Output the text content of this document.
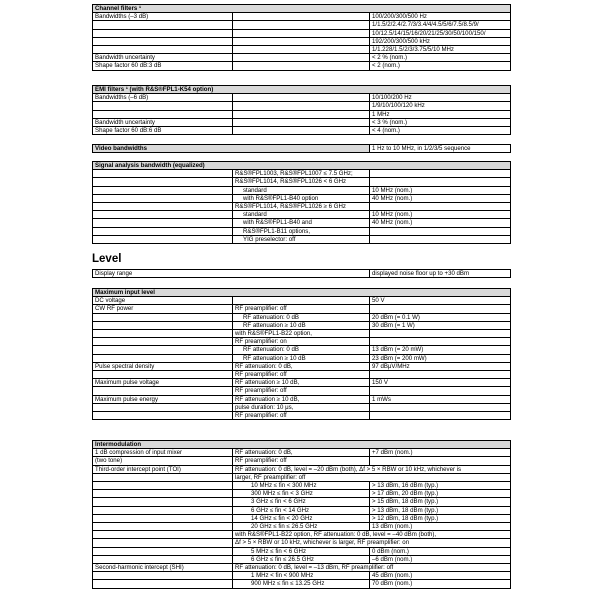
Channel filters ¹		
Bandwidths (–3 dB)		100/200/300/500 Hz
		1/1.5/2/2.4/2.7/3/3.4/4/4.5/5/6/7.5/8.5/9/
		10/12.5/14/15/16/20/21/25/30/50/100/150/
		192/200/300/500 kHz
		1/1.228/1.5/2/3/3.75/5/10 MHz
Bandwidth uncertainty		< 2 % (nom.)
Shape factor 60 dB:3 dB		< 2 (nom.)
EMI filters ¹ (with R&S®FPL1-K54 option)		
Bandwidths (–6 dB)		10/100/200 Hz
		1/9/10/100/120 kHz
		1 MHz
Bandwidth uncertainty		< 3 % (nom.)
Shape factor 60 dB:6 dB		< 4 (nom.)
Video bandwidths	1 Hz to 10 MHz, in 1/2/3/5 sequence
Signal analysis bandwidth (equalized)		
	R&S®FPL1003, R&S®FPL1007 ≤ 7.5 GHz;	
	R&S®FPL1014, R&S®FPL1026 < 6 GHz	
	standard	10 MHz (nom.)
	with R&S®FPL1-B40 option	40 MHz (nom.)
	R&S®FPL1014, R&S®FPL1026 ≥ 6 GHz	
	standard	10 MHz (nom.)
	with R&S®FPL1-B40 and	40 MHz (nom.)
	R&S®FPL1-B11 options,	
	YIG preselector: off	
Level
Display range	displayed noise floor up to +30 dBm
Maximum input level		
DC voltage		50 V
CW RF power	RF preamplifier: off	
	RF attenuation: 0 dB	20 dBm (= 0.1 W)
	RF attenuation ≥ 10 dB	30 dBm (= 1 W)
	with R&S®FPL1-B22 option,	
	RF preamplifier: on	
	RF attenuation: 0 dB	13 dBm (= 20 mW)
	RF attenuation ≥ 10 dB	23 dBm (= 200 mW)
Pulse spectral density	RF attenuation: 0 dB,	97 dBμV/MHz
	RF preamplifier: off	
Maximum pulse voltage	RF attenuation ≥ 10 dB,	150 V
	RF preamplifier: off	
Maximum pulse energy	RF attenuation ≥ 10 dB,	1 mWs
	pulse duration: 10 μs,	
	RF preamplifier: off	
Intermodulation		
1 dB compression of input mixer	RF attenuation: 0 dB,	+7 dBm (nom.)
(two tone)	RF preamplifier: off	
Third-order intercept point (TOI)	RF attenuation: 0 dB, level = –20 dBm (both), Δf > 5 × RBW or 10 kHz, whichever is	
	larger, RF preamplifier: off	
	10 MHz ≤ fin < 300 MHz	> 13 dBm, 16 dBm (typ.)
	300 MHz ≤ fin < 3 GHz	> 17 dBm, 20 dBm (typ.)
	3 GHz ≤ fin < 6 GHz	> 15 dBm, 18 dBm (typ.)
	6 GHz ≤ fin < 14 GHz	> 13 dBm, 18 dBm (typ.)
	14 GHz ≤ fin < 20 GHz	> 12 dBm, 18 dBm (typ.)
	20 GHz ≤ fin ≤ 26.5 GHz	13 dBm (nom.)
	with R&S®FPL1-B22 option, RF attenuation: 0 dB, level = –40 dBm (both),	
	Δf > 5 × RBW or 10 kHz, whichever is larger, RF preamplifier: on	
	5 MHz ≤ fin < 6 GHz	0 dBm (nom.)
	6 GHz ≤ fin ≤ 26.5 GHz	–6 dBm (nom.)
Second-harmonic intercept (SHI)	RF attenuation: 0 dB, level = –13 dBm, RF preamplifier: off	
	1 MHz < fin < 900 MHz	45 dBm (nom.)
	900 MHz ≤ fin ≤ 13.25 GHz	70 dBm (nom.)
